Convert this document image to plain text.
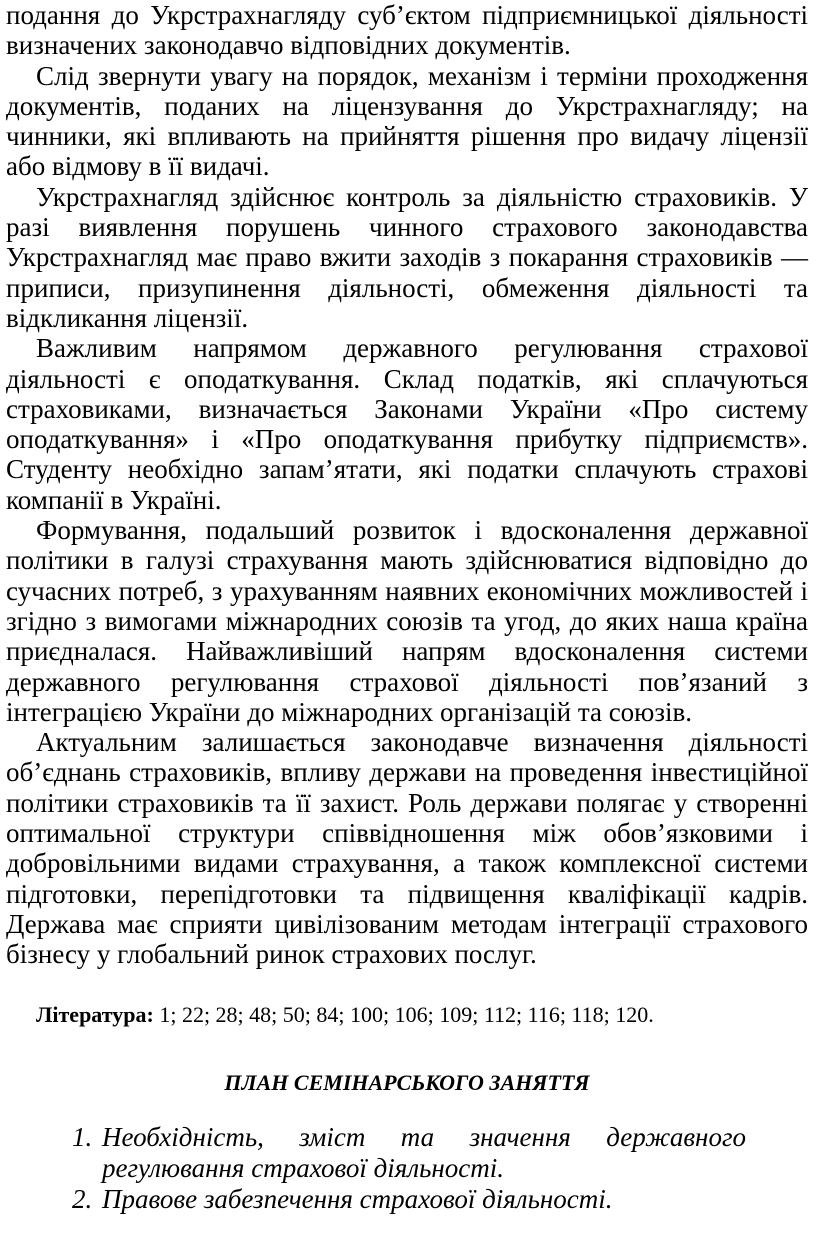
подання до Укрстрахнагляду суб’єктом підприємницької діяльності визначених законодавчо відповідних документів.

Слід звернути увагу на порядок, механізм і терміни проходження документів, поданих на ліцензування до Укрстрахнагляду; на чинники, які впливають на прийняття рішення про видачу ліцензії або відмову в її видачі.

Укрстрахнагляд здійснює контроль за діяльністю страховиків. У разі виявлення порушень чинного страхового законодавства Укрстрахнагляд має право вжити заходів з покарання страховиків — приписи, призупинення діяльності, обмеження діяльності та відкликання ліцензії.

Важливим напрямом державного регулювання страхової діяльності є оподаткування. Склад податків, які сплачуються страховиками, визначається Законами України «Про систему оподаткування» і «Про оподаткування прибутку підприємств». Студенту необхідно запам’ятати, які податки сплачують страхові компанії в Україні.

Формування, подальший розвиток і вдосконалення державної політики в галузі страхування мають здійснюватися відповідно до сучасних потреб, з урахуванням наявних економічних можливостей і згідно з вимогами міжнародних союзів та угод, до яких наша країна приєдналася. Найважливіший напрям вдосконалення системи державного регулювання страхової діяльності пов’язаний з інтеграцією України до міжнародних організацій та союзів.

Актуальним залишається законодавче визначення діяльності об’єднань страховиків, впливу держави на проведення інвестиційної політики страховиків та її захист. Роль держави полягає у створенні оптимальної структури співвідношення між обов’язковими і добровільними видами страхування, а також комплексної системи підготовки, перепідготовки та підвищення кваліфікації кадрів. Держава має сприяти цивілізованим методам інтеграції страхового бізнесу у глобальний ринок страхових послуг.

Література: 1; 22; 28; 48; 50; 84; 100; 106; 109; 112; 116; 118; 120.
ПЛАН СЕМІНАРСЬКОГО ЗАНЯТТЯ
1. Необхідність, зміст та значення державного регулювання страхової діяльності.
2. Правове забезпечення страхової діяльності.
